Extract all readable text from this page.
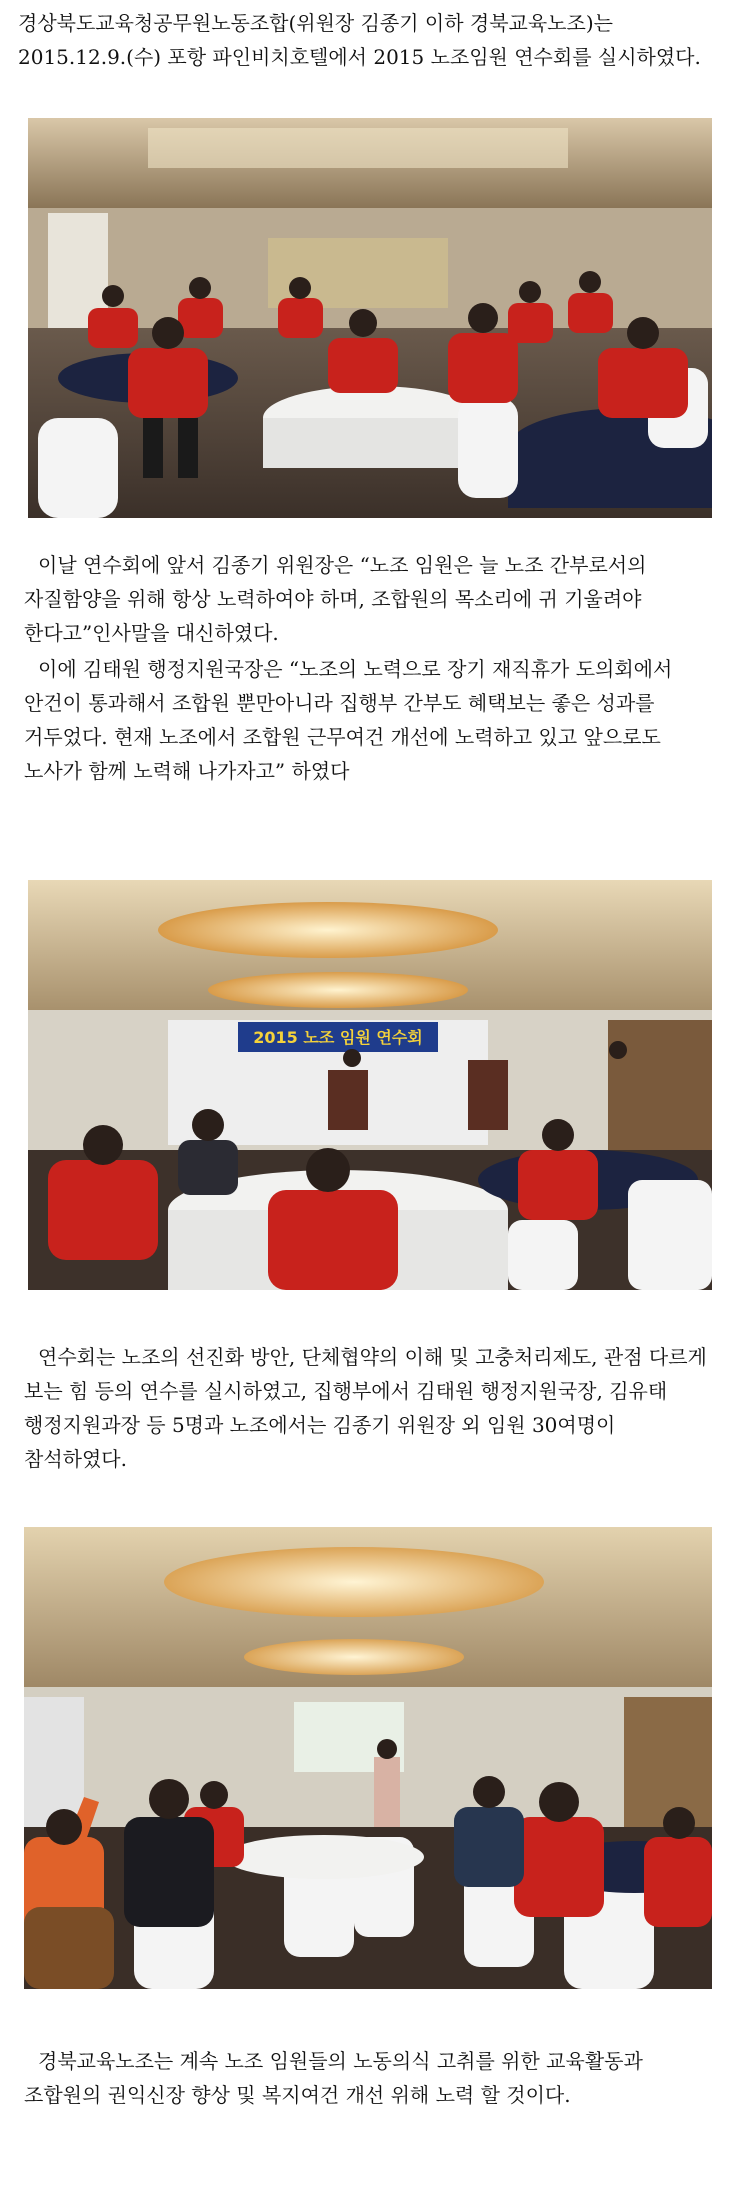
경상북도교육청공무원노동조합(위원장 김종기 이하 경북교육노조)는 2015.12.9.(수) 포항 파인비치호텔에서 2015 노조임원 연수회를 실시하였다.

이날 연수회에 앞서 김종기 위원장은 “노조 임원은 늘 노조 간부로서의 자질함양을 위해 항상 노력하여야 하며, 조합원의 목소리에 귀 기울려야 한다고”인사말을 대신하였다.

이에 김태원 행정지원국장은 “노조의 노력으로 장기 재직휴가 도의회에서 안건이 통과해서 조합원 뿐만아니라 집행부 간부도 혜택보는 좋은 성과를 거두었다. 현재 노조에서 조합원 근무여건 개선에 노력하고 있고 앞으로도 노사가 함께 노력해 나가자고” 하였다

2015 노조 임원 연수회

연수회는 노조의 선진화 방안, 단체협약의 이해 및 고충처리제도, 관점 다르게 보는 힘 등의 연수를 실시하였고, 집행부에서 김태원 행정지원국장, 김유태 행정지원과장 등 5명과 노조에서는 김종기 위원장 외 임원 30여명이 참석하였다.

경북교육노조는 계속 노조 임원들의 노동의식 고취를 위한 교육활동과 조합원의 권익신장 향상 및 복지여건 개선 위해 노력 할 것이다.
